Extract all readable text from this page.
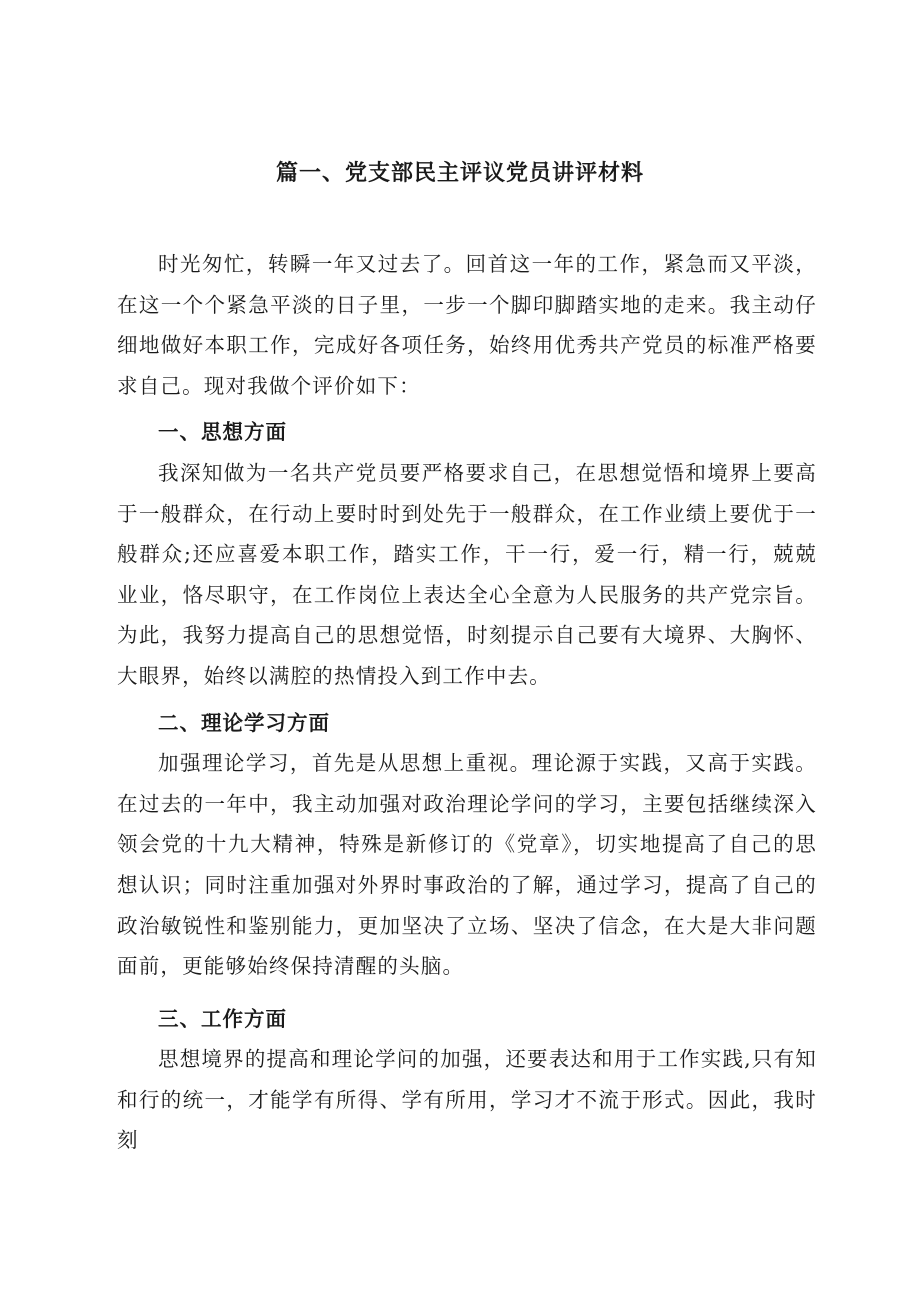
篇一、党支部民主评议党员讲评材料

时光匆忙，转瞬一年又过去了。回首这一年的工作，紧急而又平淡，在这一个个紧急平淡的日子里，一步一个脚印脚踏实地的走来。我主动仔细地做好本职工作，完成好各项任务，始终用优秀共产党员的标准严格要求自己。现对我做个评价如下：

一、思想方面

我深知做为一名共产党员要严格要求自己，在思想觉悟和境界上要高于一般群众，在行动上要时时到处先于一般群众，在工作业绩上要优于一般群众;还应喜爱本职工作，踏实工作，干一行，爱一行，精一行，兢兢业业，恪尽职守，在工作岗位上表达全心全意为人民服务的共产党宗旨。为此，我努力提高自己的思想觉悟，时刻提示自己要有大境界、大胸怀、大眼界，始终以满腔的热情投入到工作中去。

二、理论学习方面

加强理论学习，首先是从思想上重视。理论源于实践，又高于实践。在过去的一年中，我主动加强对政治理论学问的学习，主要包括继续深入领会党的十九大精神，特殊是新修订的《党章》，切实地提高了自己的思想认识；同时注重加强对外界时事政治的了解，通过学习，提高了自己的政治敏锐性和鉴别能力，更加坚决了立场、坚决了信念，在大是大非问题面前，更能够始终保持清醒的头脑。

三、工作方面

思想境界的提高和理论学问的加强，还要表达和用于工作实践,只有知和行的统一，才能学有所得、学有所用，学习才不流于形式。因此，我时刻
